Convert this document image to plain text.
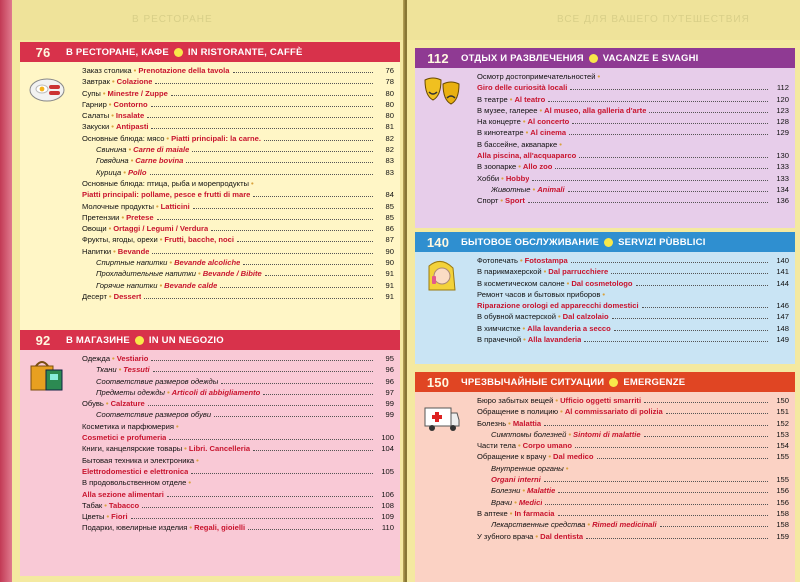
В РЕСТОРАНЕ
76	В РЕСТОРАНЕ, КАФЕ IN RISTORANTE, CAFFÈ
Заказ столика • Prenotazione della tavola	76
Завтрак • Colazione	78
Супы • Minestre / Zuppe	80
Гарнир • Contorno	80
Салаты • Insalate	80
Закуски • Antipasti	81
Основные блюда: мясо • Piatti principali: la carne.	82
Свинина • Carne di maiale	82
Говядина • Carne bovina	83
Курица • Pollo	83
Основные блюда: птица, рыба и морепродукты •
Piatti principali: pollame, pesce e frutti di mare	84
Молочные продукты • Latticini	85
Претензии • Pretese	85
Овощи • Ortaggi / Legumi / Verdura	86
Фрукты, ягоды, орехи • Frutti, bacche, noci	87
Напитки • Bevande	90
Спиртные напитки • Bevande alcoliche	90
Прохладительные напитки • Bevande / Bibite	91
Горячие напитки • Bevande calde	91
Десерт • Dessert	91
92	В МАГАЗИНЕ IN UN NEGOZIO
Одежда • Vestiario	95
Ткани • Tessuti	96
Соответствие размеров одежды	96
Предметы одежды • Articoli di abbigliamento	97
Обувь • Calzature	99
Соответствие размеров обуви	99
Косметика и парфюмерия •
Cosmetici e profumeria	100
Книги, канцелярские товары • Libri. Cancelleria	104
Бытовая техника и электроника •
Elettrodomestici e elettronica	105
В продовольственном отделе •
Alla sezione alimentari	106
Табак • Tabacco	108
Цветы • Fiori	109
Подарки, ювелирные изделия • Regali, gioielli	110
ВСЕ ДЛЯ ВАШЕГО ПУТЕШЕСТВИЯ
112	ОТДЫХ И РАЗВЛЕЧЕНИЯ VACANZE E SVAGHI
Осмотр достопримечательностей •
Giro delle curiosità locali	112
В театре • Al teatro	120
В музее, галерее • Al museo, alla galleria d'arte	123
На концерте • Al concerto	128
В кинотеатре • Al cinema	129
В бассейне, аквапарке •
Alla piscina, all'acquaparco	130
В зоопарке • Allo zoo	133
Хобби • Hobby	133
Животные • Animali	134
Спорт • Sport	136
140	БЫТОВОЕ ОБСЛУЖИВАНИЕ SERVIZI PÙBBLICI
Фотопечать • Fotostampa	140
В парикмахерской • Dal parrucchiere	141
В косметическом салоне • Dal cosmetologo	144
Ремонт часов и бытовых приборов •
Riparazione orologi ed apparecchi domestici	146
В обувной мастерской • Dal calzolaio	147
В химчистке • Alla lavanderia a secco	148
В прачечной • Alla lavanderia	149
150	ЧРЕЗВЫЧАЙНЫЕ СИТУАЦИИ EMERGENZE
Бюро забытых вещей • Ufficio oggetti smarriti	150
Обращение в полицию • Al commissariato di polizia	151
Болезнь • Malattia	152
Симптомы болезней • Sintomi di malattie	153
Части тела • Corpo umano	154
Обращение к врачу • Dal medico	155
Внутренние органы •
Organi interni	155
Болезни • Malattie	156
Врачи • Medici	156
В аптеке • In farmacia	158
Лекарственные средства • Rimedi medicinali	158
У зубного врача • Dal dentista	159
